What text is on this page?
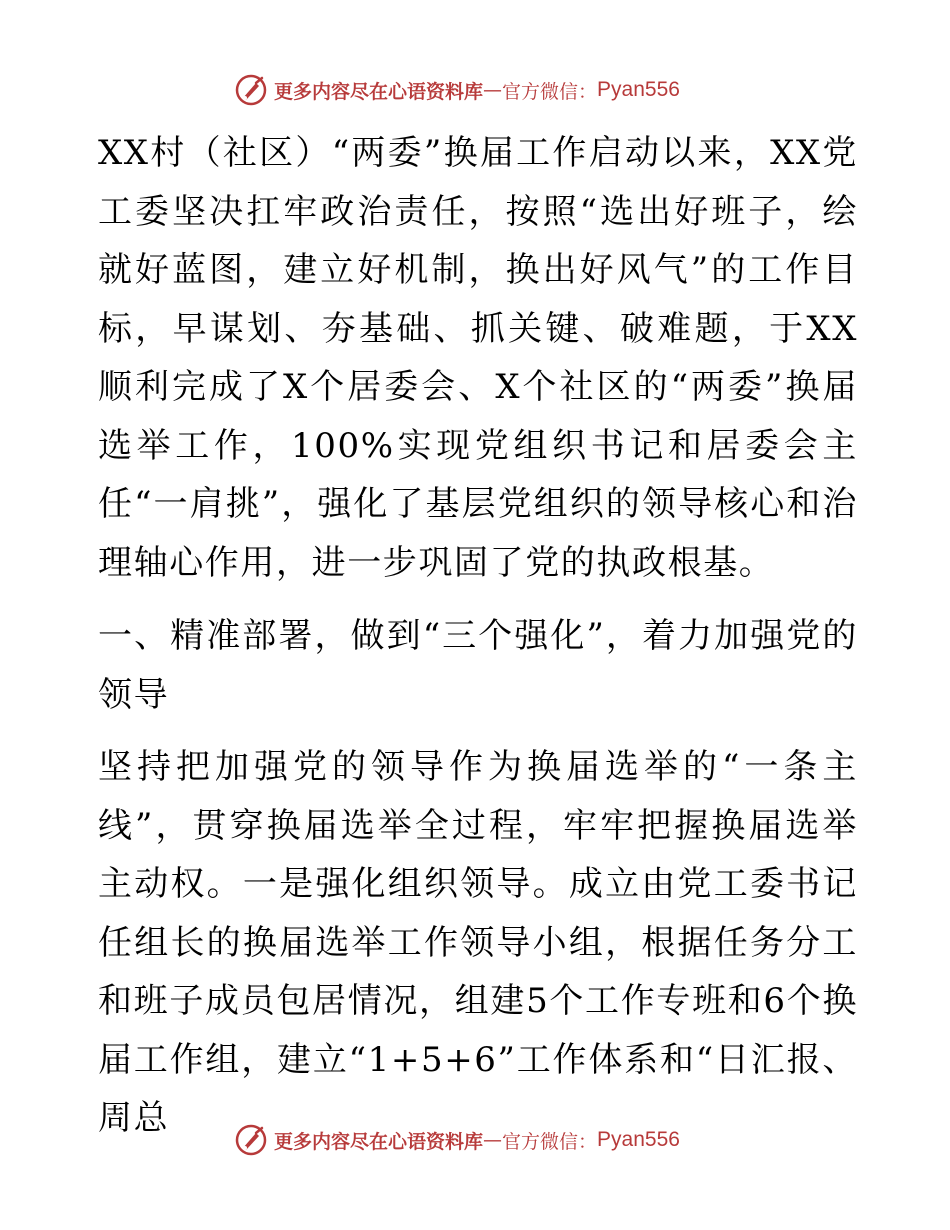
更多内容尽在心语资料库 — 官方微信： Pyan556

XX村（社区）“两委”换届工作启动以来，XX党工委坚决扛牢政治责任，按照“选出好班子，绘就好蓝图，建立好机制，换出好风气”的工作目标，早谋划、夯基础、抓关键、破难题，于XX顺利完成了X个居委会、X个社区的“两委”换届选举工作，100%实现党组织书记和居委会主任“一肩挑”，强化了基层党组织的领导核心和治理轴心作用，进一步巩固了党的执政根基。

一、精准部署，做到“三个强化”，着力加强党的领导

坚持把加强党的领导作为换届选举的“一条主线”，贯穿换届选举全过程，牢牢把握换届选举主动权。一是强化组织领导。成立由党工委书记任组长的换届选举工作领导小组，根据任务分工和班子成员包居情况，组建5个工作专班和6个换届工作组，建立“1+5+6”工作体系和“日汇报、周总

更多内容尽在心语资料库 — 官方微信： Pyan556
